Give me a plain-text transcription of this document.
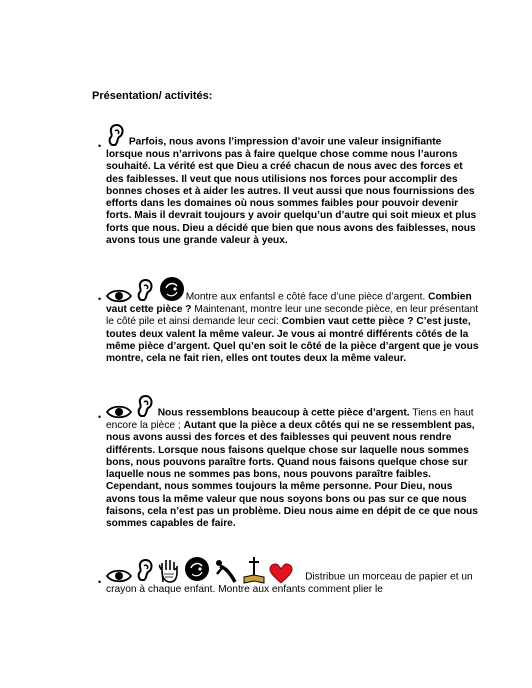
Présentation/ activités:
•	Parfois, nous avons l’impression d’avoir une valeur insignifiante lorsque nous n’arrivons pas à faire quelque chose comme nous l’aurons souhaité. La vérité est que Dieu a créé chacun de nous avec des forces et des faiblesses. Il veut que nous utilisions nos forces pour accomplir des bonnes choses et à aider les autres. Il veut aussi que nous fournissions des efforts dans les domaines où nous sommes faibles pour pouvoir devenir forts. Mais il devrait toujours y avoir quelqu’un d’autre qui soit mieux et plus forts que nous. Dieu a décidé que bien que nous avons des faiblesses, nous avons tous une grande valeur à yeux.

•	Montre aux enfantsl e côté face d’une pièce d’argent. Combien vaut cette pièce ? Maintenant, montre leur une seconde pièce, en leur présentant le côté pile et ainsi demande leur ceci: Combien vaut cette pièce ? C’est juste, toutes deux valent la même valeur. Je vous ai montré différents côtés de la même pièce d’argent. Quel qu’en soit le côté de la pièce d’argent que je vous montre, cela ne fait rien, elles ont toutes deux la même valeur.

•	Nous ressemblons beaucoup à cette pièce d’argent. Tiens en haut encore la pièce ; Autant que la pièce a deux côtés qui ne se ressemblent pas, nous avons aussi des forces et des faiblesses qui peuvent nous rendre différents. Lorsque nous faisons quelque chose sur laquelle nous sommes bons, nous pouvons paraître forts. Quand nous faisons quelque chose sur laquelle nous ne sommes pas bons, nous pouvons paraître faibles. Cependant, nous sommes toujours la même personne. Pour Dieu, nous avons tous la même valeur que nous soyons bons ou pas sur ce que nous faisons, cela n’est pas un problème. Dieu nous aime en dépit de ce que nous sommes capables de faire.

•	Distribue un morceau de papier et un crayon à chaque enfant. Montre aux enfants comment plier le
